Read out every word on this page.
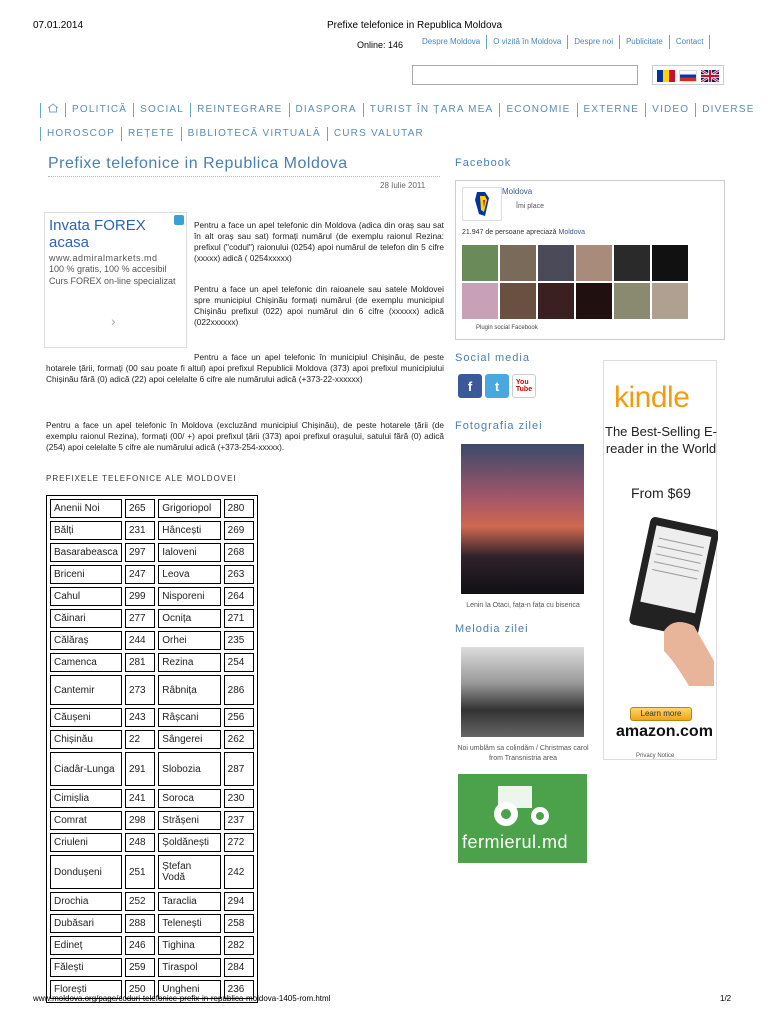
07.01.2014	Prefixe telefonice in Republica Moldova
Online: 146	Despre Moldova	O vizită în Moldova	Despre noi	Publicitate	Contact
POLITICĂ	SOCIAL	REINTEGRARE	DIASPORA	TURIST ÎN ȚARA MEA	ECONOMIE	EXTERNE	VIDEO	DIVERSE
HOROSCOP	REȚETE	BIBLIOTECĂ VIRTUALĂ	CURS VALUTAR
Prefixe telefonice in Republica Moldova
28 Iulie 2011
Invata FOREX acasa
www.admiralmarkets.md
100 % gratis, 100 % accesibil Curs FOREX on-line specializat
›
Pentru a face un apel telefonic din Moldova (adica din oraș sau sat în alt oraș sau sat) formați numărul (de exemplu raionul Rezina: prefixul ("codul") raionului (0254) apoi numărul de telefon din 5 cifre (xxxxx) adică ( 0254xxxxx)
Pentru a face un apel telefonic din raioanele sau satele Moldovei spre municipiul Chișinău formați numărul (de exemplu municipiul Chișinău prefixul (022) apoi numărul din 6 cifre (xxxxxx) adică (022xxxxxx)
Pentru a face un apel telefonic în municipiul Chișinău, de peste hotarele țării, formați (00 sau poate fi altul) apoi prefixul Republicii Moldova (373) apoi prefixul municipiului Chișinău fără (0) adică (22) apoi celelalte 6 cifre ale numărului adică (+373-22-xxxxxx)
Pentru a face un apel telefonic în Moldova (excluzând municipiul Chișinău), de peste hotarele țării (de exemplu raionul Rezina), formați (00/ +) apoi prefixul țării (373) apoi prefixul orașului, satului fără (0) adică (254) apoi celelalte 5 cifre ale numărului adică (+373-254-xxxxx).
PREFIXELE TELEFONICE ALE MOLDOVEI
Anenii Noi	265	Grigoriopol	280
Bălți	231	Hâncești	269
Basarabeasca	297	Ialoveni	268
Briceni	247	Leova	263
Cahul	299	Nisporeni	264
Căinari	277	Ocnița	271
Călăraș	244	Orhei	235
Camenca	281	Rezina	254
Cantemir	273	Râbnița	286
Căușeni	243	Râșcani	256
Chișinău	22	Sângerei	262
Ciadâr-Lunga	291	Slobozia	287
Cimișlia	241	Soroca	230
Comrat	298	Strășeni	237
Criuleni	248	Șoldănești	272
Dondușeni	251	Ștefan Vodă	242
Drochia	252	Taraclia	294
Dubăsari	288	Telenești	258
Edineț	246	Tighina	282
Fălești	259	Tiraspol	284
Florești	250	Ungheni	236
Facebook
Moldova
Îmi place
21.947 de persoane apreciază Moldova
Plugin social Facebook
Social media
f	t	You
Tube
Fotografia zilei
Lenin la Otaci, fața-n fața cu biserica
Melodia zilei
Noi umblăm sa colindăm / Christmas carol from Transnistria area
fermierul.md
kindle
The Best-Selling E-reader in the World
From $69
Learn more
amazon.com
Privacy Notice
www.moldova.org/page/coduri-telefonice-prefix-in-republica-moldova-1405-rom.html	1/2
